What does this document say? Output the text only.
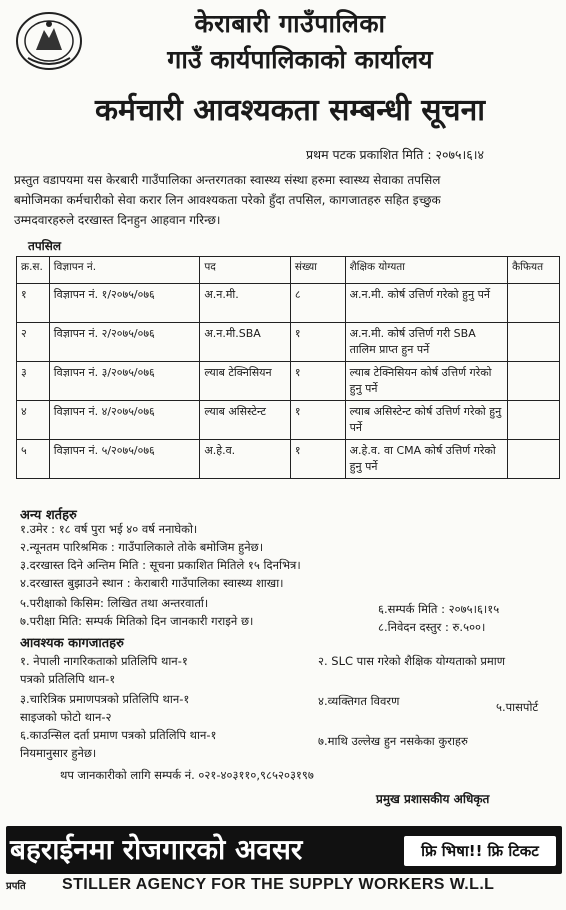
केराबारी गाउँपालिका
गाउँ कार्यपालिकाको कार्यालय
कर्मचारी आवश्यकता सम्बन्धी सूचना
प्रथम पटक प्रकाशित मिति : २०७५।६।४
प्रस्तुत वडापयमा यस केरबारी गाउँपालिका अन्तरगतका स्वास्थ्य संस्था हरुमा स्वास्थ्य सेवाका तपसिल
बमोजिमका कर्मचारीको सेवा करार लिन आवश्यकता परेको हुँदा तपसिल, कागजातहरु सहित इच्छुक
उम्मदवारहरुले दरखास्त दिनहुन आहवान गरिन्छ।
तपसिल
क्र.स.	विज्ञापन नं.	पद	संख्या	शैक्षिक योग्यता	कैफियत
१	विज्ञापन नं. १/२०७५/०७६	अ.न.मी.	८	अ.न.मी. कोर्ष उत्तिर्ण गरेको हुनु पर्ने	
२	विज्ञापन नं. २/२०७५/०७६	अ.न.मी.SBA	१	अ.न.मी. कोर्ष उत्तिर्ण गरी SBA तालिम प्राप्त हुन पर्ने	
३	विज्ञापन नं. ३/२०७५/०७६	ल्याब टेक्निसियन	१	ल्याब टेक्निसियन कोर्ष उत्तिर्ण गरेको हुनु पर्ने	
४	विज्ञापन नं. ४/२०७५/०७६	ल्याब असिस्टेन्ट	१	ल्याब असिस्टेन्ट कोर्ष उत्तिर्ण गरेको हुनु पर्ने	
५	विज्ञापन नं. ५/२०७५/०७६	अ.हे.व.	१	अ.हे.व. वा CMA कोर्ष उत्तिर्ण गरेको हुनु पर्ने	
अन्य शर्तहरु
१.उमेर : १८ वर्ष पुरा भई ४० वर्ष ननाघेको।
२.न्यूनतम पारिश्रमिक : गाउँपालिकाले तोके बमोजिम हुनेछ।
३.दरखास्त दिने अन्तिम मिति : सूचना प्रकाशित मितिले १५ दिनभित्र।
४.दरखास्त बुझाउने स्थान : केराबारी गाउँपालिका स्वास्थ्य शाखा।
५.परीक्षाको किसिम: लिखित तथा अन्तरवार्ता।
७.परीक्षा मिति: सम्पर्क मितिको दिन जानकारी गराइने छ।
६.सम्पर्क मिति : २०७५।६।१५
८.निवेदन दस्तुर : रु.५००।
आवश्यक कागजातहरु
१. नेपाली नागरिकताको प्रतिलिपि थान-१
पत्रको प्रतिलिपि थान-१
२. SLC पास गरेको शैक्षिक योग्यताको प्रमाण
३.चारित्रिक प्रमाणपत्रको प्रतिलिपि थान-१
साइजको फोटो थान-२
४.व्यक्तिगत विवरण	५.पासपोर्ट
६.काउन्सिल दर्ता प्रमाण पत्रको प्रतिलिपि थान-१
नियमानुसार हुनेछ।
७.माथि उल्लेख हुन नसकेका कुराहरु
थप जानकारीको लागि सम्पर्क नं. ०२१-४०३११०,९८५२०३१९७
प्रमुख प्रशासकीय अधिकृत
बहराईनमा रोजगारको अवसर	फ्रि भिषा!! फ्रि टिकट
प्रपति STILLER AGENCY FOR THE SUPPLY WORKERS W.L.L
